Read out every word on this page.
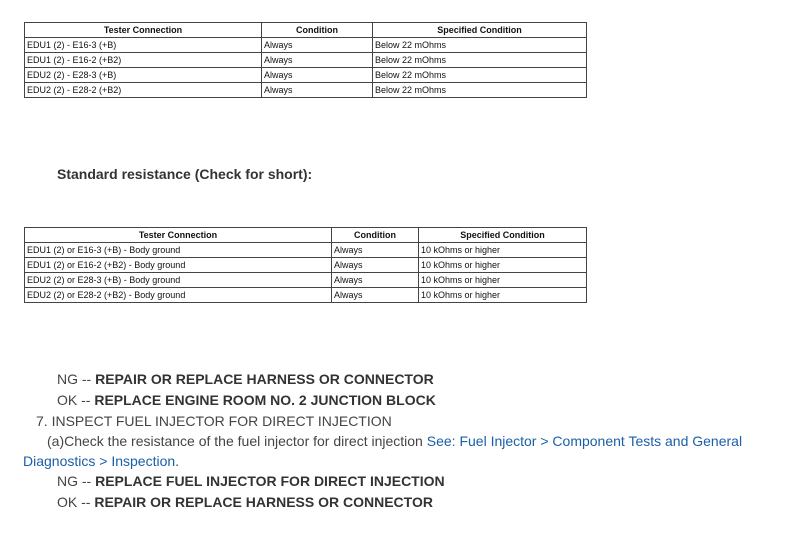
Tester Connection	Condition	Specified Condition
EDU1 (2) - E16-3 (+B)	Always	Below 22 mOhms
EDU1 (2) - E16-2 (+B2)	Always	Below 22 mOhms
EDU2 (2) - E28-3 (+B)	Always	Below 22 mOhms
EDU2 (2) - E28-2 (+B2)	Always	Below 22 mOhms
Standard resistance (Check for short):
Tester Connection	Condition	Specified Condition
EDU1 (2) or E16-3 (+B) - Body ground	Always	10 kOhms or higher
EDU1 (2) or E16-2 (+B2) - Body ground	Always	10 kOhms or higher
EDU2 (2) or E28-3 (+B) - Body ground	Always	10 kOhms or higher
EDU2 (2) or E28-2 (+B2) - Body ground	Always	10 kOhms or higher
NG -- REPAIR OR REPLACE HARNESS OR CONNECTOR
OK -- REPLACE ENGINE ROOM NO. 2 JUNCTION BLOCK
7. INSPECT FUEL INJECTOR FOR DIRECT INJECTION
(a)Check the resistance of the fuel injector for direct injection See: Fuel Injector > Component Tests and General
Diagnostics > Inspection.
NG -- REPLACE FUEL INJECTOR FOR DIRECT INJECTION
OK -- REPAIR OR REPLACE HARNESS OR CONNECTOR
